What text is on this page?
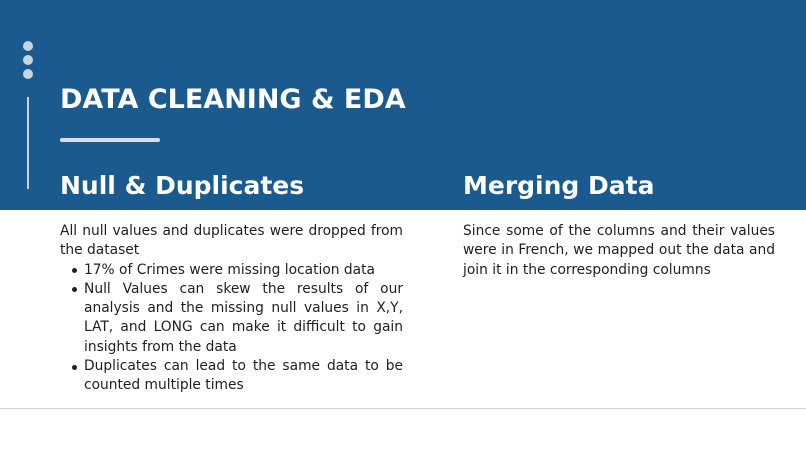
DATA CLEANING & EDA
Null & Duplicates	Merging Data
All null values and duplicates were dropped from the dataset
17% of Crimes were missing location data
Null Values can skew the results of our analysis and the missing null values in X,Y, LAT, and LONG can make it difficult to gain insights from the data
Duplicates can lead to the same data to be counted multiple times
Since some of the columns and their values were in French, we mapped out the data and join it in the corresponding columns
